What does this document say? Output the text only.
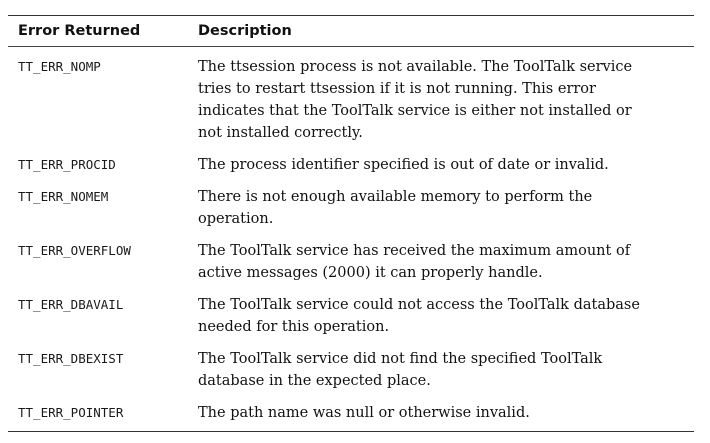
Error Returned	Description
TT_ERR_NOMP	The ttsession process is not available. The ToolTalk service
tries to restart ttsession if it is not running. This error
indicates that the ToolTalk service is either not installed or
not installed correctly.
TT_ERR_PROCID	The process identifier specified is out of date or invalid.
TT_ERR_NOMEM	There is not enough available memory to perform the
operation.
TT_ERR_OVERFLOW	The ToolTalk service has received the maximum amount of
active messages (2000) it can properly handle.
TT_ERR_DBAVAIL	The ToolTalk service could not access the ToolTalk database
needed for this operation.
TT_ERR_DBEXIST	The ToolTalk service did not find the specified ToolTalk
database in the expected place.
TT_ERR_POINTER	The path name was null or otherwise invalid.
